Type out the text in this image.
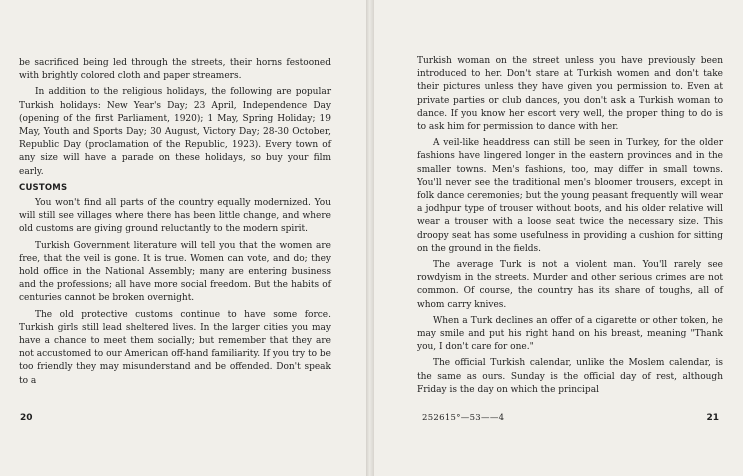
be sacrificed being led through the streets, their horns festooned with brightly colored cloth and paper streamers.

In addition to the religious holidays, the following are popular Turkish holidays: New Year's Day; 23 April, Independence Day (opening of the first Parliament, 1920); 1 May, Spring Holiday; 19 May, Youth and Sports Day; 30 August, Victory Day; 28-30 October, Republic Day (proclamation of the Republic, 1923). Every town of any size will have a parade on these holidays, so buy your film early.

CUSTOMS

You won't find all parts of the country equally modernized. You will still see villages where there has been little change, and where old customs are giving ground reluctantly to the modern spirit.

Turkish Government literature will tell you that the women are free, that the veil is gone. It is true. Women can vote, and do; they hold office in the National Assembly; many are entering business and the professions; all have more social freedom. But the habits of centuries cannot be broken overnight.

The old protective customs continue to have some force. Turkish girls still lead sheltered lives. In the larger cities you may have a chance to meet them socially; but remember that they are not accustomed to our American off-hand familiarity. If you try to be too friendly they may misunderstand and be offended. Don't speak to a

20

Turkish woman on the street unless you have previously been introduced to her. Don't stare at Turkish women and don't take their pictures unless they have given you permission to. Even at private parties or club dances, you don't ask a Turkish woman to dance. If you know her escort very well, the proper thing to do is to ask him for permission to dance with her.

A veil-like headdress can still be seen in Turkey, for the older fashions have lingered longer in the eastern provinces and in the smaller towns. Men's fashions, too, may differ in small towns. You'll never see the traditional men's bloomer trousers, except in folk dance ceremonies; but the young peasant frequently will wear a jodhpur type of trouser without boots, and his older relative will wear a trouser with a loose seat twice the necessary size. This droopy seat has some usefulness in providing a cushion for sitting on the ground in the fields.

The average Turk is not a violent man. You'll rarely see rowdyism in the streets. Murder and other serious crimes are not common. Of course, the country has its share of toughs, all of whom carry knives.

When a Turk declines an offer of a cigarette or other token, he may smile and put his right hand on his breast, meaning "Thank you, I don't care for one."

The official Turkish calendar, unlike the Moslem calendar, is the same as ours. Sunday is the official day of rest, although Friday is the day on which the principal

252615°—53——4	21
